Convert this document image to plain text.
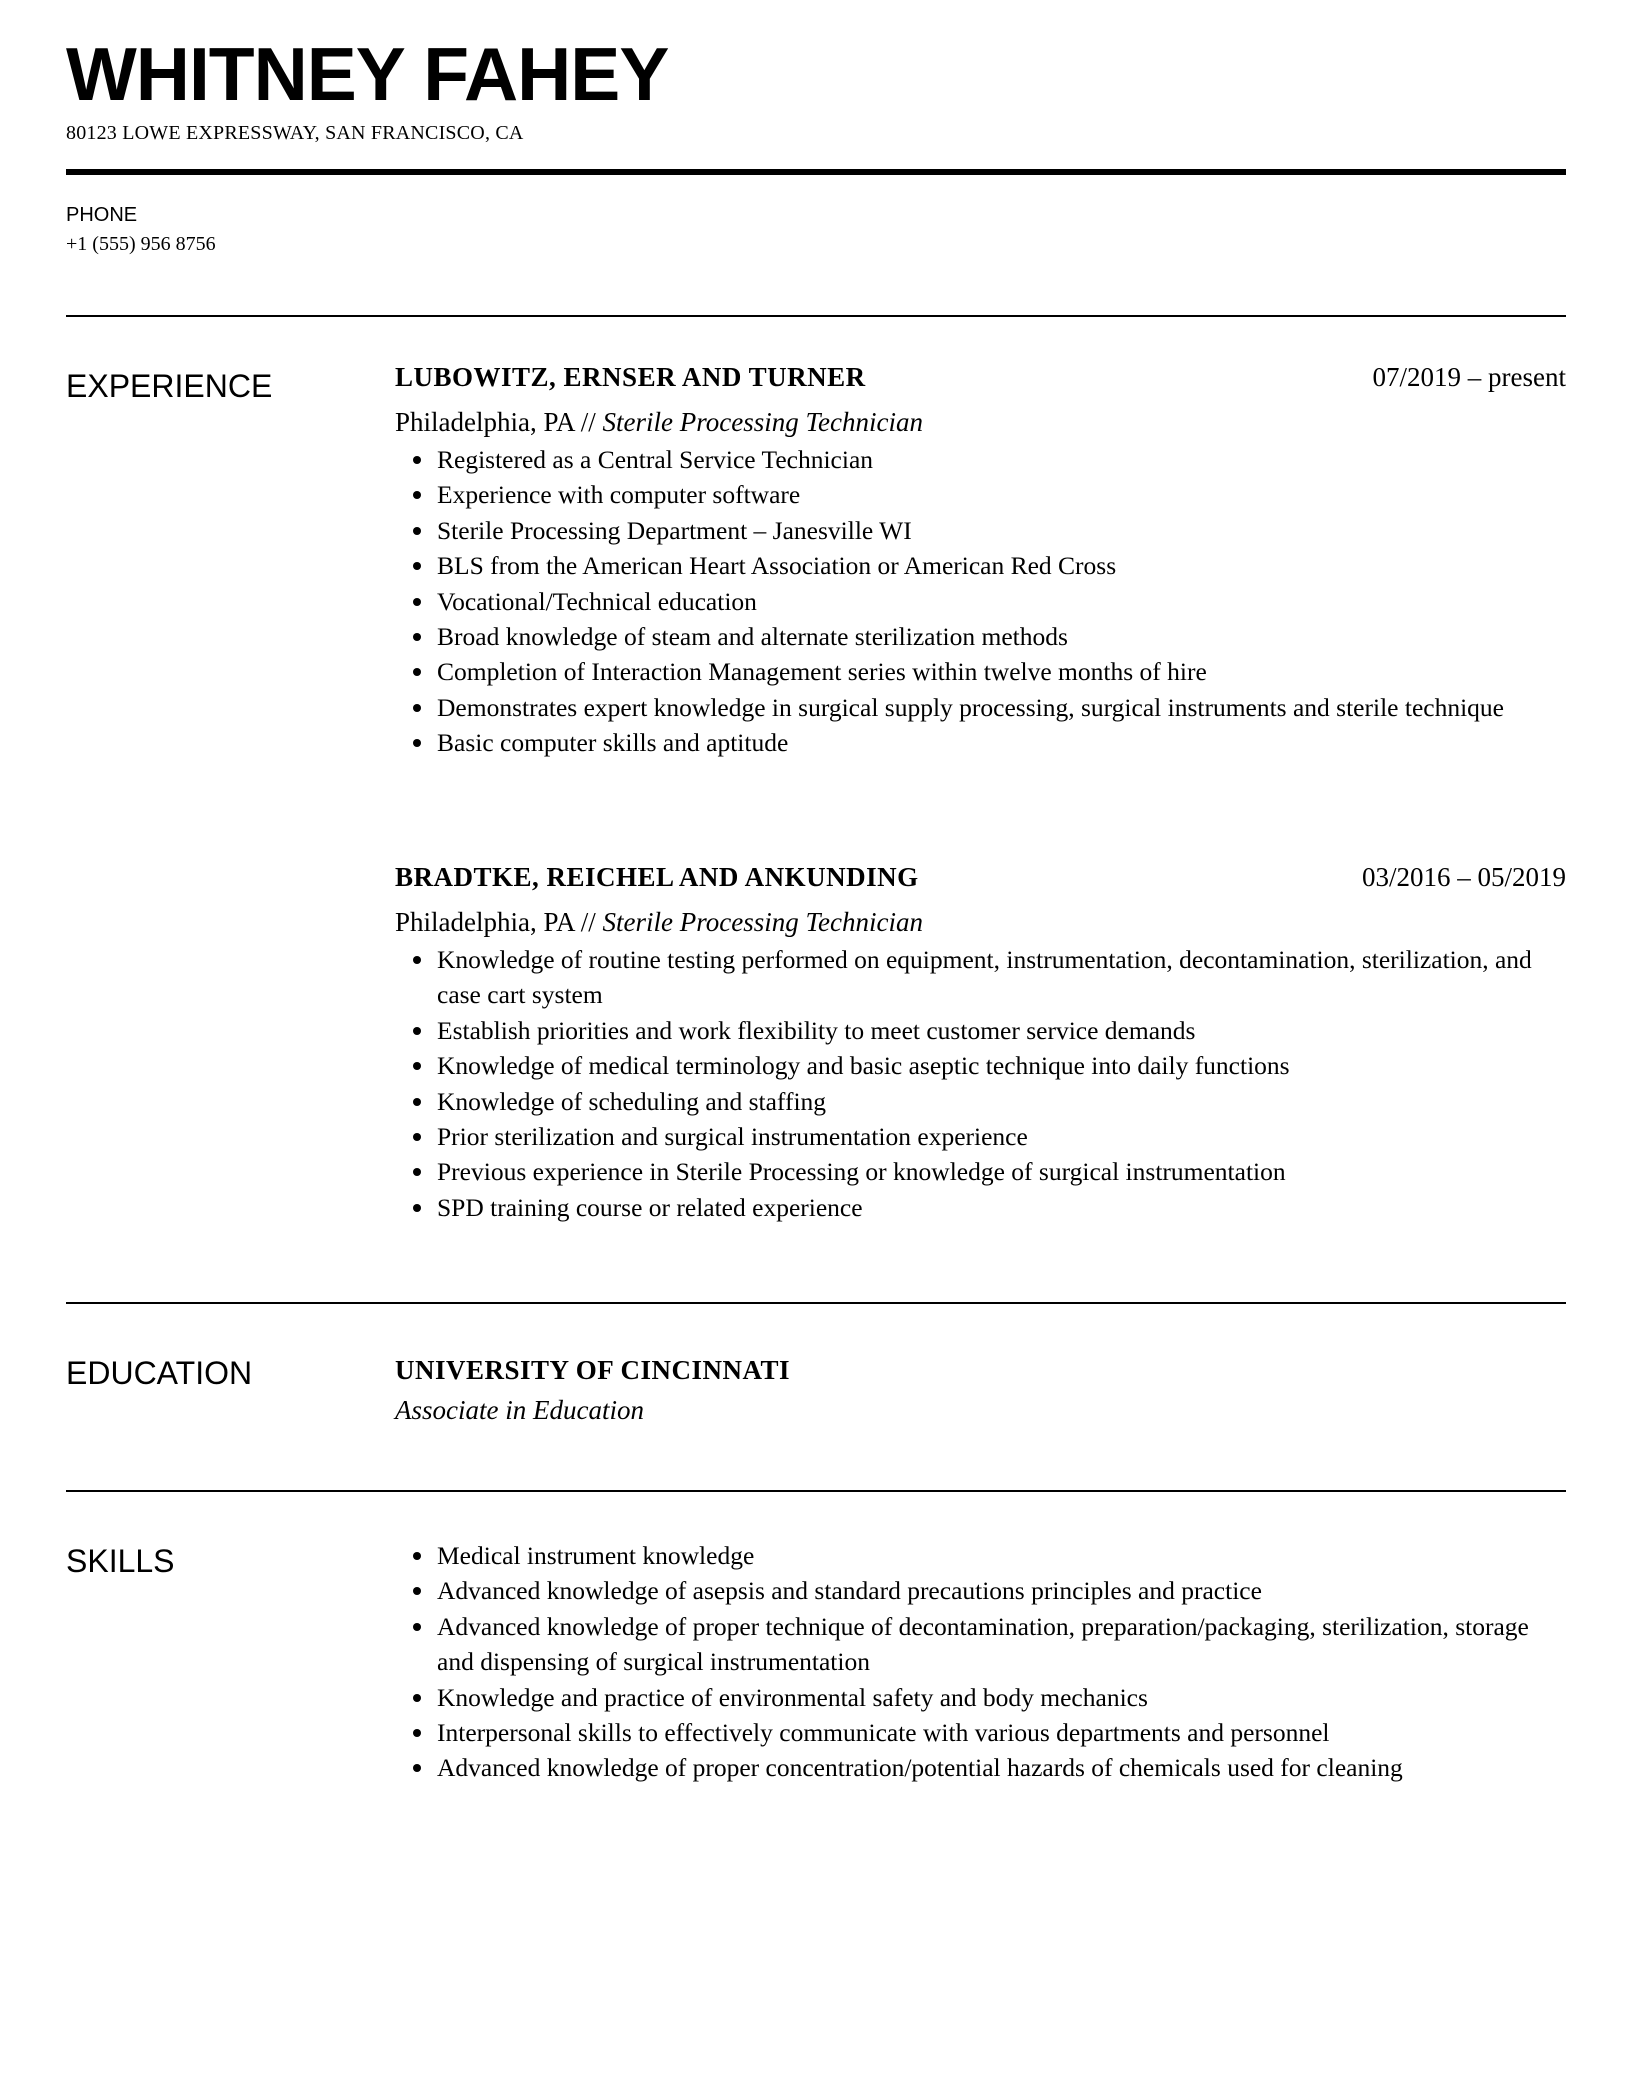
WHITNEY FAHEY
80123 LOWE EXPRESSWAY, SAN FRANCISCO, CA
PHONE
+1 (555) 956 8756
EXPERIENCE	LUBOWITZ, ERNSER AND TURNER	07/2019 – present
Philadelphia, PA // Sterile Processing Technician
Registered as a Central Service Technician
Experience with computer software
Sterile Processing Department – Janesville WI
BLS from the American Heart Association or American Red Cross
Vocational/Technical education
Broad knowledge of steam and alternate sterilization methods
Completion of Interaction Management series within twelve months of hire
Demonstrates expert knowledge in surgical supply processing, surgical instruments and sterile technique
Basic computer skills and aptitude
BRADTKE, REICHEL AND ANKUNDING	03/2016 – 05/2019
Philadelphia, PA // Sterile Processing Technician
Knowledge of routine testing performed on equipment, instrumentation, decontamination, sterilization, and case cart system
Establish priorities and work flexibility to meet customer service demands
Knowledge of medical terminology and basic aseptic technique into daily functions
Knowledge of scheduling and staffing
Prior sterilization and surgical instrumentation experience
Previous experience in Sterile Processing or knowledge of surgical instrumentation
SPD training course or related experience
EDUCATION	UNIVERSITY OF CINCINNATI
Associate in Education
SKILLS	Medical instrument knowledge
Advanced knowledge of asepsis and standard precautions principles and practice
Advanced knowledge of proper technique of decontamination, preparation/packaging, sterilization, storage and dispensing of surgical instrumentation
Knowledge and practice of environmental safety and body mechanics
Interpersonal skills to effectively communicate with various departments and personnel
Advanced knowledge of proper concentration/potential hazards of chemicals used for cleaning
